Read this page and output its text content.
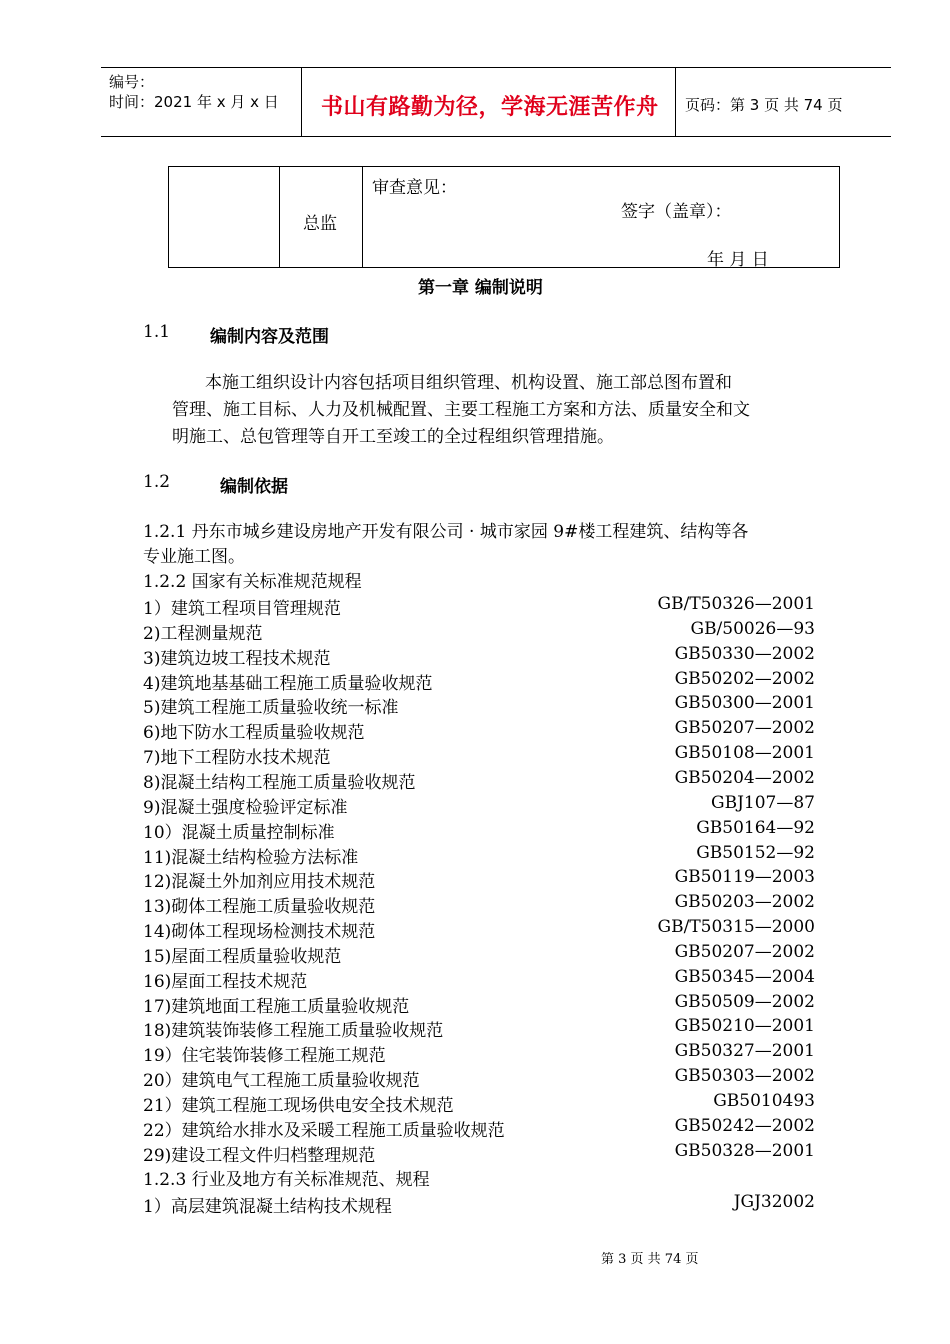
编号：
时间：2021 年 x 月 x 日 书山有路勤为径，学海无涯苦作舟 页码：第 3 页 共 74 页
总监
审查意见：
签字（盖章）：
年 月 日
第一章 编制说明
1.1 编制内容及范围
本施工组织设计内容包括项目组织管理、机构设置、施工部总图布置和
管理、施工目标、人力及机械配置、主要工程施工方案和方法、质量安全和文
明施工、总包管理等自开工至竣工的全过程组织管理措施。
1.2	编制依据
1.2.1 丹东市城乡建设房地产开发有限公司 · 城市家园 9#楼工程建筑、结构等各
专业施工图。
1.2.2 国家有关标准规范规程
1）建筑工程项目管理规范	GB/T50326—2001
2)工程测量规范	GB/50026—93
3)建筑边坡工程技术规范	GB50330—2002
4)建筑地基基础工程施工质量验收规范	GB50202—2002
5)建筑工程施工质量验收统一标准	GB50300—2001
6)地下防水工程质量验收规范	GB50207—2002
7)地下工程防水技术规范	GB50108—2001
8)混凝土结构工程施工质量验收规范	GB50204—2002
9)混凝土强度检验评定标准	GBJ107—87
10）混凝土质量控制标准	GB50164—92
11)混凝土结构检验方法标准	GB50152—92
12)混凝土外加剂应用技术规范	GB50119—2003
13)砌体工程施工质量验收规范	GB50203—2002
14)砌体工程现场检测技术规范	GB/T50315—2000
15)屋面工程质量验收规范	GB50207—2002
16)屋面工程技术规范	GB50345—2004
17)建筑地面工程施工质量验收规范	GB50509—2002
18)建筑装饰装修工程施工质量验收规范	GB50210—2001
19）住宅装饰装修工程施工规范	GB50327—2001
20）建筑电气工程施工质量验收规范	GB50303—2002
21）建筑工程施工现场供电安全技术规范	GB5010493
22）建筑给水排水及采暖工程施工质量验收规范	GB50242—2002
29)建设工程文件归档整理规范	GB50328—2001
1.2.3 行业及地方有关标准规范、规程
1）高层建筑混凝土结构技术规程	JGJ32002
第 3 页 共 74 页
